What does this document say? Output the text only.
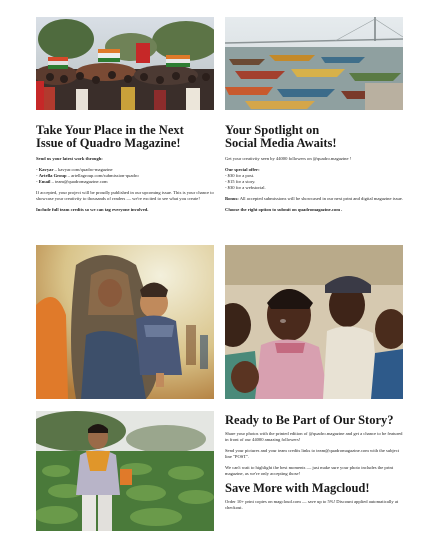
Take Your Place in the Next
Issue of Quadro Magazine!
Send us your latest work through:
- Kavyar – kavyar.com/quadro-magazine
- Artella Group – artellagroup.com/submission-quadro
- Email – team@quadromagazine.com
If accepted, your project will be proudly published in our upcoming issue. This is your chance to showcase your creativity to thousands of readers — we're excited to see what you create!
Include full team credits so we can tag everyone involved.
Your Spotlight on
Social Media Awaits!
Get your creativity seen by 44000 followers on @quadro.magazine !
Our special offer:
- $30 for a post.
- $15 for a story.
- $30 for a webstorial.
Bonus: All accepted submissions will be showcased in our next print and digital magazine issue.
Choose the right option to submit on quadromagazine.com .
Ready to Be Part of Our Story?
Share your photos with the printed edition of @quadro.magazine and get a chance to be featured in front of our 44000 amazing followers!
Send your pictures and your team credits links to team@quadromagazine.com with the subject line "POST".
We can't wait to highlight the best moments — just make sure your photo includes the print magazine, as we're only accepting those!
Save More with Magcloud!
Order 10+ print copies on magcloud.com — save up to 5%! Discount applied automatically at checkout.
